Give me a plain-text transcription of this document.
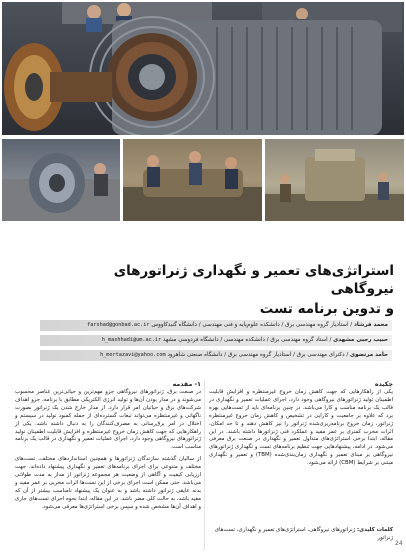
استراتژی‌های تعمیر و نگهداری ژنراتورهای نیروگاهی

و تدوین برنامه تست

محمد فرشاد / استادیار گروه مهندسی برق / دانشکده علوم‌پایه و فنی مهندسی / دانشگاه گنبدکاووس farshad@gonbad.ac.ir
حبیب رجبی مشهدی / استاد گروه مهندسی برق / دانشکده مهندسی / دانشگاه فردوسی مشهد h_mashhadi@um.ac.ir
حامد مرتضوی / دکترای مهندسی برق / استادیار گروه مهندسی برق / دانشگاه صنعتی شاهرود h_mortazavi@yahoo.com
چکیده
یکی از راهکارهایی که جهت کاهش زمان خروج غیرمنتظره و افزایش قابلیت اطمینان تولید ژنراتورهای نیروگاهی وجود دارد، اجرای عملیات تعمیر و نگهداری در قالب یک برنامه مناسب و کارا می‌باشد. در چنین برنامه‌ای باید از تست‌هایی بهره برد که علاوه بر جامعیت و کارایی در تشخیص و کاهش زمان خروج غیرمنتظره ژنراتور، زمان خروج برنامه‌ریزی‌شده ژنراتور را نیز کاهش دهند و تا حد امکان، اثرات مخرب کمتری بر عمر مفید و عملکرد فنی ژنراتورها داشته باشند. در این مقاله، ابتدا برخی استراتژی‌های متداول تعمیر و نگهداری در صنعت برق معرفی می‌شود. در ادامه، پیشنهادهایی جهت تنظیم برنامه‌های تست و نگهداری ژنراتورهای نیروگاهی بر مبنای تعمیر و نگهداری زمان‌بندی‌شده (TBM) و تعمیر و نگهداری مبتنی بر شرایط (CBM) ارائه می‌شود.
کلمات کلیدی: ژنراتورهای نیروگاهی، استراتژی‌های تعمیر و نگهداری، تست‌های ژنراتور
۱- مقدمه

در صنعت برق، ژنراتورهای نیروگاهی جزو مهم‌ترین و حیاتی‌ترین عناصر محسوب می‌شوند و در مدار بودن آن‌ها و تولید انرژی الکتریکی مطابق با برنامه، جزو اهداف شرکت‌های برق و حیاتیان امر قرار دارد. از مدار خارج شدن یک ژنراتور بصورت ناگهانی و غیرمنتظره می‌تواند تبعات گسترده‌ای از جمله کمبود تولید در سیستم و اختلال در امر برق‌رسانی به مصرف‌کنندگان را به دنبال داشته باشد. یکی از راهکارهایی که جهت کاهش زمان خروج غیرمنتظره و افزایش قابلیت اطمینان تولید ژنراتورهای نیروگاهی وجود دارد، اجرای عملیات تعمیر و نگهداری در قالب یک برنامه مناسب است.

از سالیان گذشته سازندگان ژنراتورها و همچنین استانداردهای مختلف، تست‌های مختلف و متنوعی برای اجرای برنامه‌های تعمیر و نگهداری پیشنهاد داده‌اند. جهت ارزیابی کیفیت و آگاهی از وضعیت هر مجموعه ژنراتور از مدار به مدت طولانی می‌باشد. حتی ممکن است اجرای برخی از این تست‌ها اثرات مخربی بر عمر مفید و بدنه عایقی ژنراتور داشته باشد و به عنوان یک پیشنهاد نامناسب بیشتر از آن که مفید باشد، به حالت کلی مضر باشد. در این مقاله، ابتدا نحوه اجرای تست‌های جاری و اهداف آن‌ها مشخص شده و سپس برخی استراتژی‌ها معرفی می‌شود.

24
